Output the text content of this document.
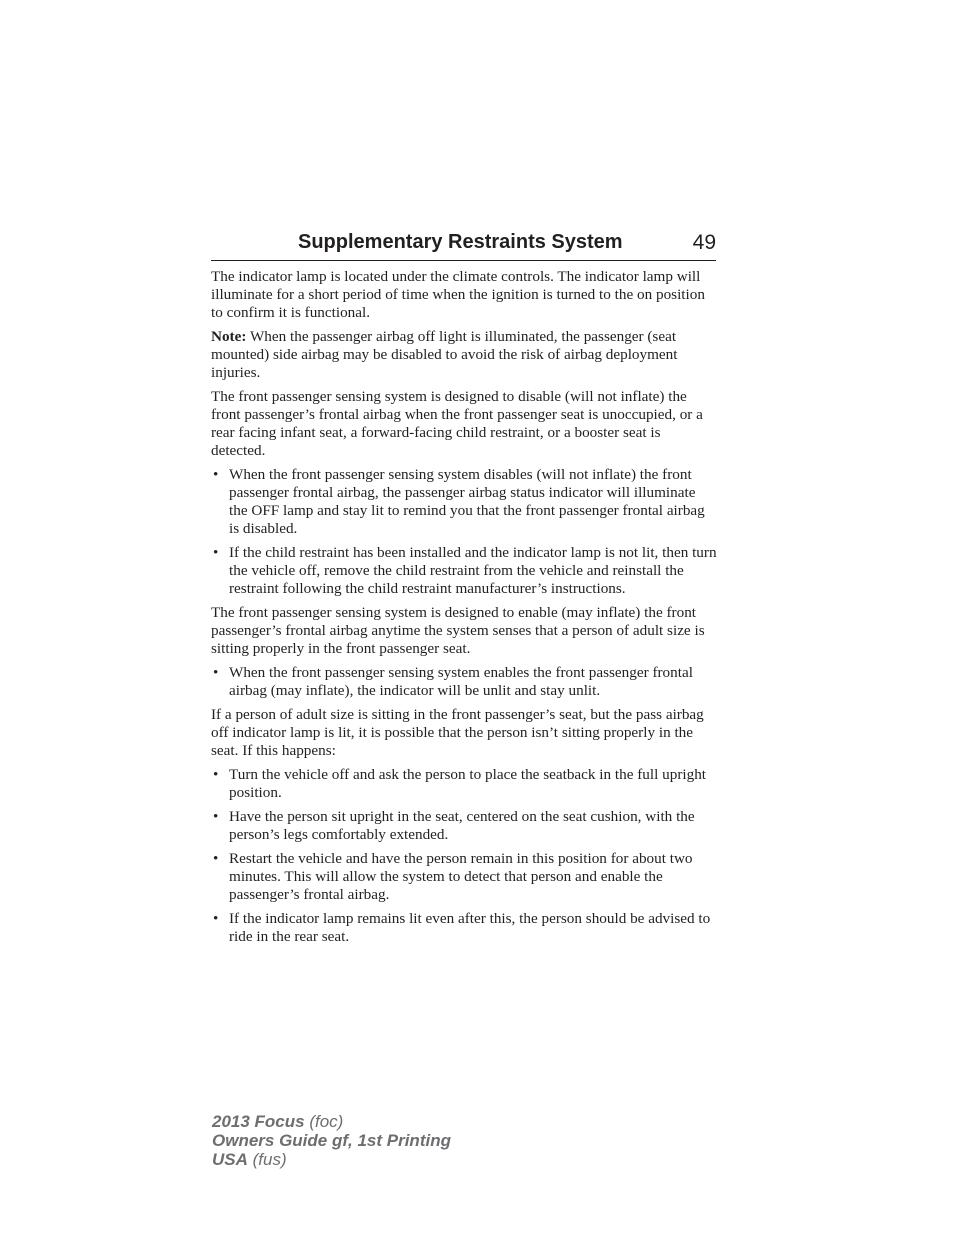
Supplementary Restraints System	49

The indicator lamp is located under the climate controls. The indicator lamp will illuminate for a short period of time when the ignition is turned to the on position to confirm it is functional.

Note: When the passenger airbag off light is illuminated, the passenger (seat mounted) side airbag may be disabled to avoid the risk of airbag deployment injuries.

The front passenger sensing system is designed to disable (will not inflate) the front passenger’s frontal airbag when the front passenger seat is unoccupied, or a rear facing infant seat, a forward-facing child restraint, or a booster seat is detected.

• When the front passenger sensing system disables (will not inflate) the front passenger frontal airbag, the passenger airbag status indicator will illuminate the OFF lamp and stay lit to remind you that the front passenger frontal airbag is disabled.
• If the child restraint has been installed and the indicator lamp is not lit, then turn the vehicle off, remove the child restraint from the vehicle and reinstall the restraint following the child restraint manufacturer’s instructions.

The front passenger sensing system is designed to enable (may inflate) the front passenger’s frontal airbag anytime the system senses that a person of adult size is sitting properly in the front passenger seat.

• When the front passenger sensing system enables the front passenger frontal airbag (may inflate), the indicator will be unlit and stay unlit.

If a person of adult size is sitting in the front passenger’s seat, but the pass airbag off indicator lamp is lit, it is possible that the person isn’t sitting properly in the seat. If this happens:

• Turn the vehicle off and ask the person to place the seatback in the full upright position.
• Have the person sit upright in the seat, centered on the seat cushion, with the person’s legs comfortably extended.
• Restart the vehicle and have the person remain in this position for about two minutes. This will allow the system to detect that person and enable the passenger’s frontal airbag.
• If the indicator lamp remains lit even after this, the person should be advised to ride in the rear seat.
2013 Focus (foc)
Owners Guide gf, 1st Printing
USA (fus)
